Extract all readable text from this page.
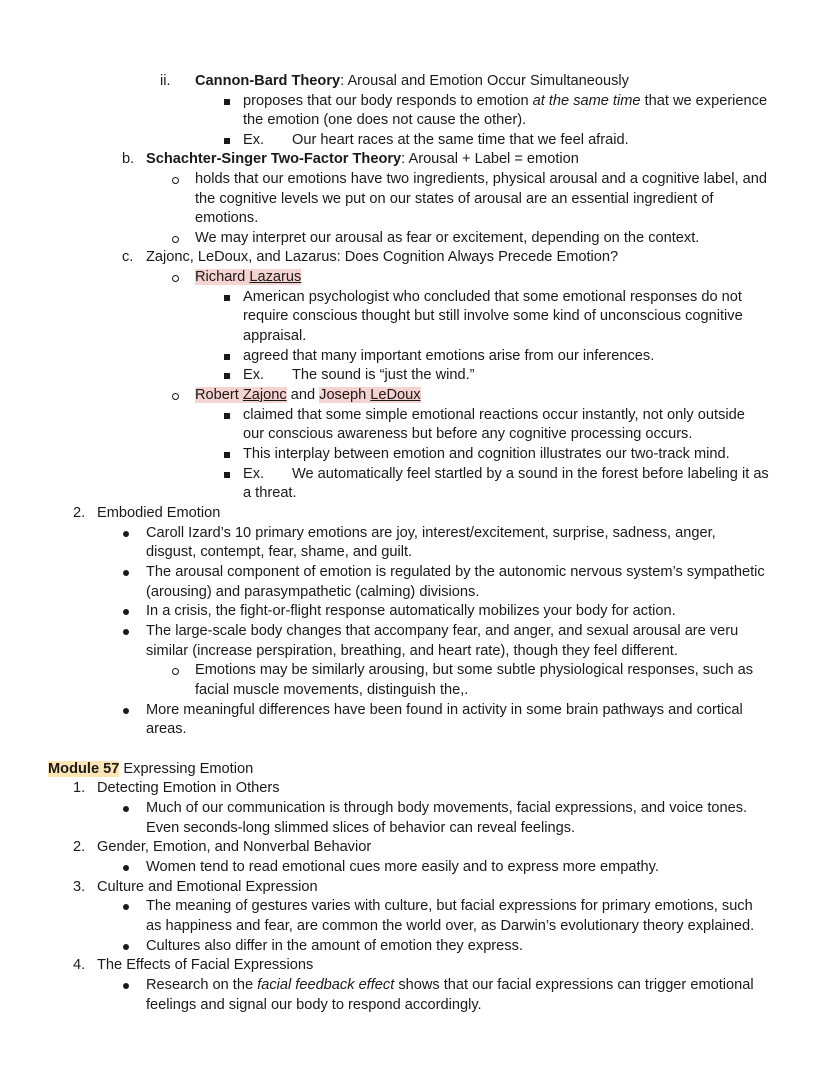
ii. Cannon-Bard Theory: Arousal and Emotion Occur Simultaneously
proposes that our body responds to emotion at the same time that we experience
the emotion (one does not cause the other).
Ex. Our heart races at the same time that we feel afraid.
b. Schachter-Singer Two-Factor Theory: Arousal + Label = emotion
holds that our emotions have two ingredients, physical arousal and a cognitive label, and
the cognitive levels we put on our states of arousal are an essential ingredient of
emotions.
We may interpret our arousal as fear or excitement, depending on the context.
c. Zajonc, LeDoux, and Lazarus: Does Cognition Always Precede Emotion?
Richard Lazarus
American psychologist who concluded that some emotional responses do not
require conscious thought but still involve some kind of unconscious cognitive
appraisal.
agreed that many important emotions arise from our inferences.
Ex. The sound is “just the wind.”
Robert Zajonc and Joseph LeDoux
claimed that some simple emotional reactions occur instantly, not only outside
our conscious awareness but before any cognitive processing occurs.
This interplay between emotion and cognition illustrates our two-track mind.
Ex. We automatically feel startled by a sound in the forest before labeling it as
a threat.
2. Embodied Emotion
Caroll Izard’s 10 primary emotions are joy, interest/excitement, surprise, sadness, anger,
disgust, contempt, fear, shame, and guilt.
The arousal component of emotion is regulated by the autonomic nervous system’s sympathetic
(arousing) and parasympathetic (calming) divisions.
In a crisis, the fight-or-flight response automatically mobilizes your body for action.
The large-scale body changes that accompany fear, and anger, and sexual arousal are veru
similar (increase perspiration, breathing, and heart rate), though they feel different.
Emotions may be similarly arousing, but some subtle physiological responses, such as
facial muscle movements, distinguish the,.
More meaningful differences have been found in activity in some brain pathways and cortical
areas.
Module 57 Expressing Emotion
1. Detecting Emotion in Others
Much of our communication is through body movements, facial expressions, and voice tones.
Even seconds-long slimmed slices of behavior can reveal feelings.
2. Gender, Emotion, and Nonverbal Behavior
Women tend to read emotional cues more easily and to express more empathy.
3. Culture and Emotional Expression
The meaning of gestures varies with culture, but facial expressions for primary emotions, such
as happiness and fear, are common the world over, as Darwin’s evolutionary theory explained.
Cultures also differ in the amount of emotion they express.
4. The Effects of Facial Expressions
Research on the facial feedback effect shows that our facial expressions can trigger emotional
feelings and signal our body to respond accordingly.
